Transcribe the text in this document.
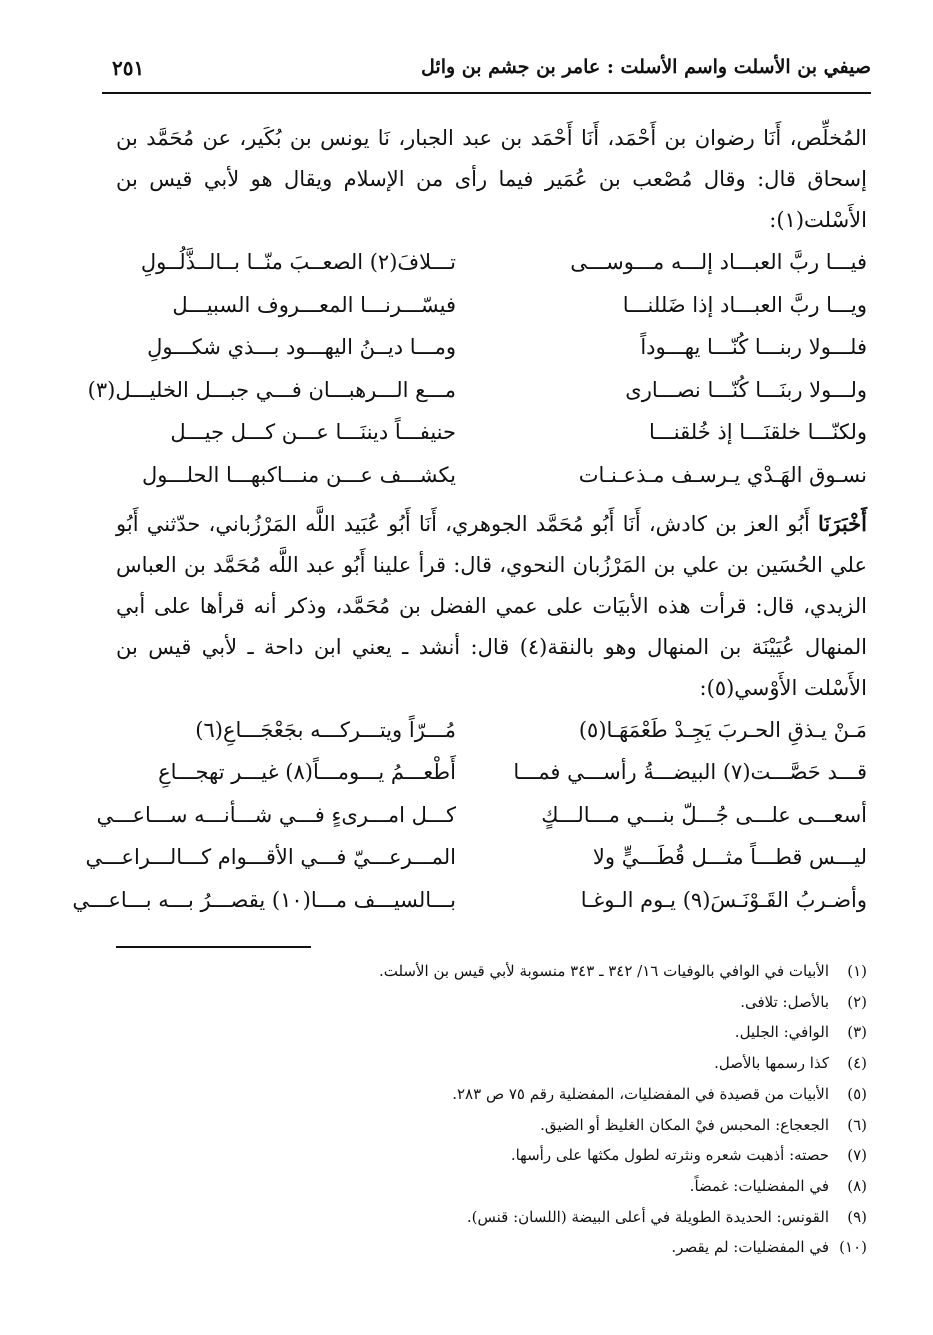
صيفي بن الأسلت واسم الأسلت : عامر بن جشم بن وائل
٢٥١

المُخلِّص، أَنَا رضوان بن أَحْمَد، أَنَا أَحْمَد بن عبد الجبار، نَا يونس بن بُكَير، عن مُحَمَّد بن إسحاق قال: وقال مُصْعب بن عُمَير فيما رأى من الإسلام ويقال هو لأبي قيس بن الأَسْلت(١):

فيـــا ربَّ العبـــاد إلـــه مـــوســـى
تـــلافَ(٢) الصعــبَ منّــا بــالــذَّلُــولِ
ويـــا ربَّ العبـــاد إذا ضَللنـــا
فيسّـــرنـــا المعـــروف السبيـــل
فلـــولا ربنـــا كُنّـــا يهـــوداً
ومـــا ديــنُ اليهـــود بـــذي شكـــولِ
ولـــولا ربنَـــا كُنّـــا نصـــارى
مـــع الـــرهبـــان فـــي جبـــل الخليـــل(٣)
ولكنّـــا خلقنَـــا إذ خُلقنـــا
حنيفـــاً ديننَـــا عـــن كـــل جيـــل
نسـوق الهَـدْي يـرسـف مـذعـنـات
يكشـــف عـــن منـــاكبهـــا الحلـــول

أَخْبَرَنَا أَبُو العز بن كادش، أَنَا أَبُو مُحَمَّد الجوهري، أَنَا أَبُو عُبَيد اللَّه المَرْزُباني، حدّثني أَبُو علي الحُسَين بن علي بن المَرْزُبان النحوي، قال: قرأ علينا أَبُو عبد اللَّه مُحَمَّد بن العباس الزيدي، قال: قرأت هذه الأبيَات على عمي الفضل بن مُحَمَّد، وذكر أنه قرأها على أبي المنهال عُيَيْنَة بن المنهال وهو بالنقة(٤) قال: أنشد ـ يعني ابن داحة ـ لأبي قيس بن الأَسْلت الأَوْسي(٥):

مَـنْ يـذقِ الحـربَ يَجِـدْ طَعْمَهَـا(٥)
مُـــرّاً ويتـــركـــه بجَعْجَـــاعِ(٦)
قـــد حَصَّـــت(٧) البيضـــةُ رأســـي فمـــا
أَطْعـــمُ يـــومـــاً(٨) غيـــر تهجـــاعِ
أسعـــى علـــى جُـــلّ بنـــي مـــالـــكٍ
كـــل امـــرىءٍ فـــي شـــأنـــه ســـاعـــي
ليـــس قطـــاً مثـــل قُطَـــيٍّ ولا
المـــرعـــيّ فـــي الأقـــوام كـــالـــراعـــي
وأضـربُ القَـوْنَـسَ(٩) يـوم الـوغـا
بـــالسيـــف مـــا(١٠) يقصـــرُ بـــه بـــاعـــي
(١)الأبيات في الوافي بالوفيات ١٦/ ٣٤٢ ـ ٣٤٣ منسوبة لأبي قيس بن الأسلت.
(٢)بالأصل: تلافى.
(٣)الوافي: الجليل.
(٤)كذا رسمها بالأصل.
(٥)الأبيات من قصيدة في المفضليات، المفضلية رقم ٧٥ ص ٢٨٣.
(٦)الجعجاع: المحبس فيْ المكان الغليظ أو الضيق.
(٧)حصته: أذهبت شعره ونثرته لطول مكثها على رأسها.
(٨)في المفضليات: غمضاً.
(٩)القونس: الحديدة الطويلة في أعلى البيضة (اللسان: قنس).
(١٠)في المفضليات: لم يقصر.
